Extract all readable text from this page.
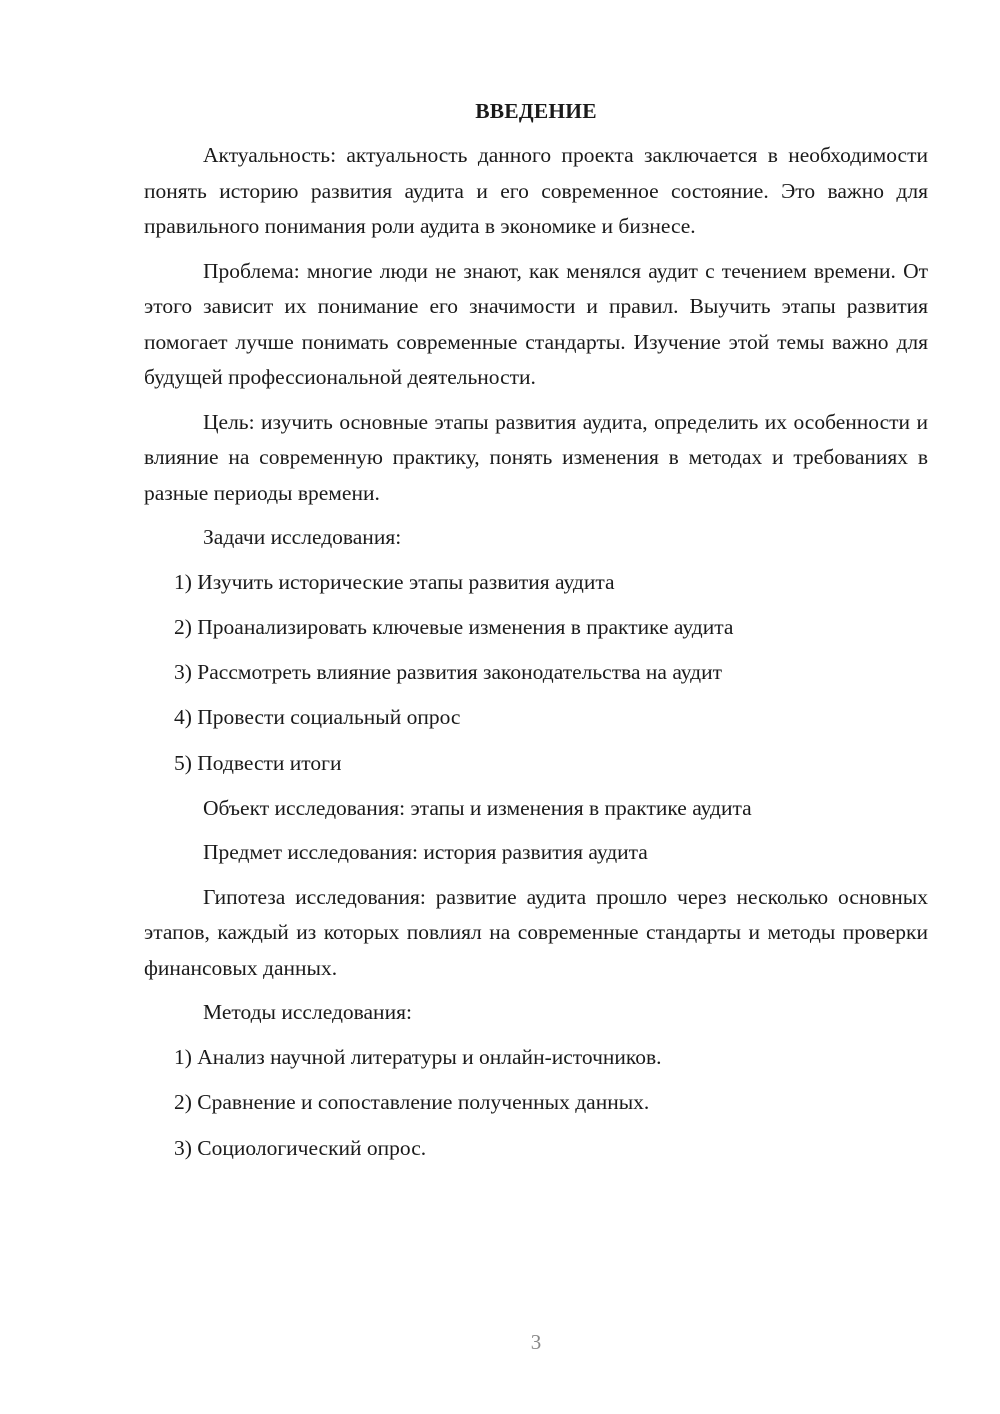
ВВЕДЕНИЕ

Актуальность: актуальность данного проекта заключается в необходимости понять историю развития аудита и его современное состояние. Это важно для правильного понимания роли аудита в экономике и бизнесе.

Проблема: многие люди не знают, как менялся аудит с течением времени. От этого зависит их понимание его значимости и правил. Выучить этапы развития помогает лучше понимать современные стандарты. Изучение этой темы важно для будущей профессиональной деятельности.

Цель: изучить основные этапы развития аудита, определить их особенности и влияние на современную практику, понять изменения в методах и требованиях в разные периоды времени.

Задачи исследования:

1) Изучить исторические этапы развития аудита
2) Проанализировать ключевые изменения в практике аудита
3) Рассмотреть влияние развития законодательства на аудит
4) Провести социальный опрос
5) Подвести итоги

Объект исследования: этапы и изменения в практике аудита

Предмет исследования: история развития аудита

Гипотеза исследования: развитие аудита прошло через несколько основных этапов, каждый из которых повлиял на современные стандарты и методы проверки финансовых данных.

Методы исследования:

1) Анализ научной литературы и онлайн-источников.
2) Сравнение и сопоставление полученных данных.
3) Социологический опрос.
3
